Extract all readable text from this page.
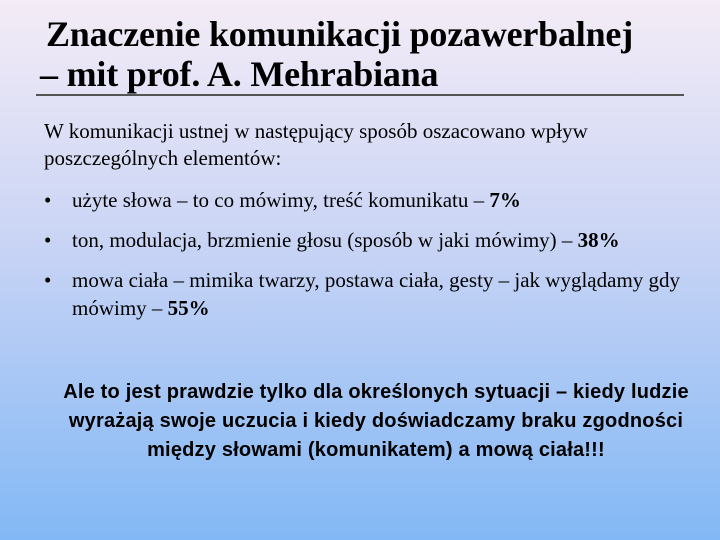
Znaczenie komunikacji pozawerbalnej
– mit prof. A. Mehrabiana
W komunikacji ustnej w następujący sposób oszacowano wpływ poszczególnych elementów:
• użyte słowa – to co mówimy, treść komunikatu – 7%
• ton, modulacja, brzmienie głosu (sposób w jaki mówimy) – 38%
• mowa ciała – mimika twarzy, postawa ciała, gesty – jak wyglądamy gdy mówimy – 55%
Ale to jest prawdzie tylko dla określonych sytuacji – kiedy ludzie wyrażają swoje uczucia i kiedy doświadczamy braku zgodności między słowami (komunikatem) a mową ciała!!!
